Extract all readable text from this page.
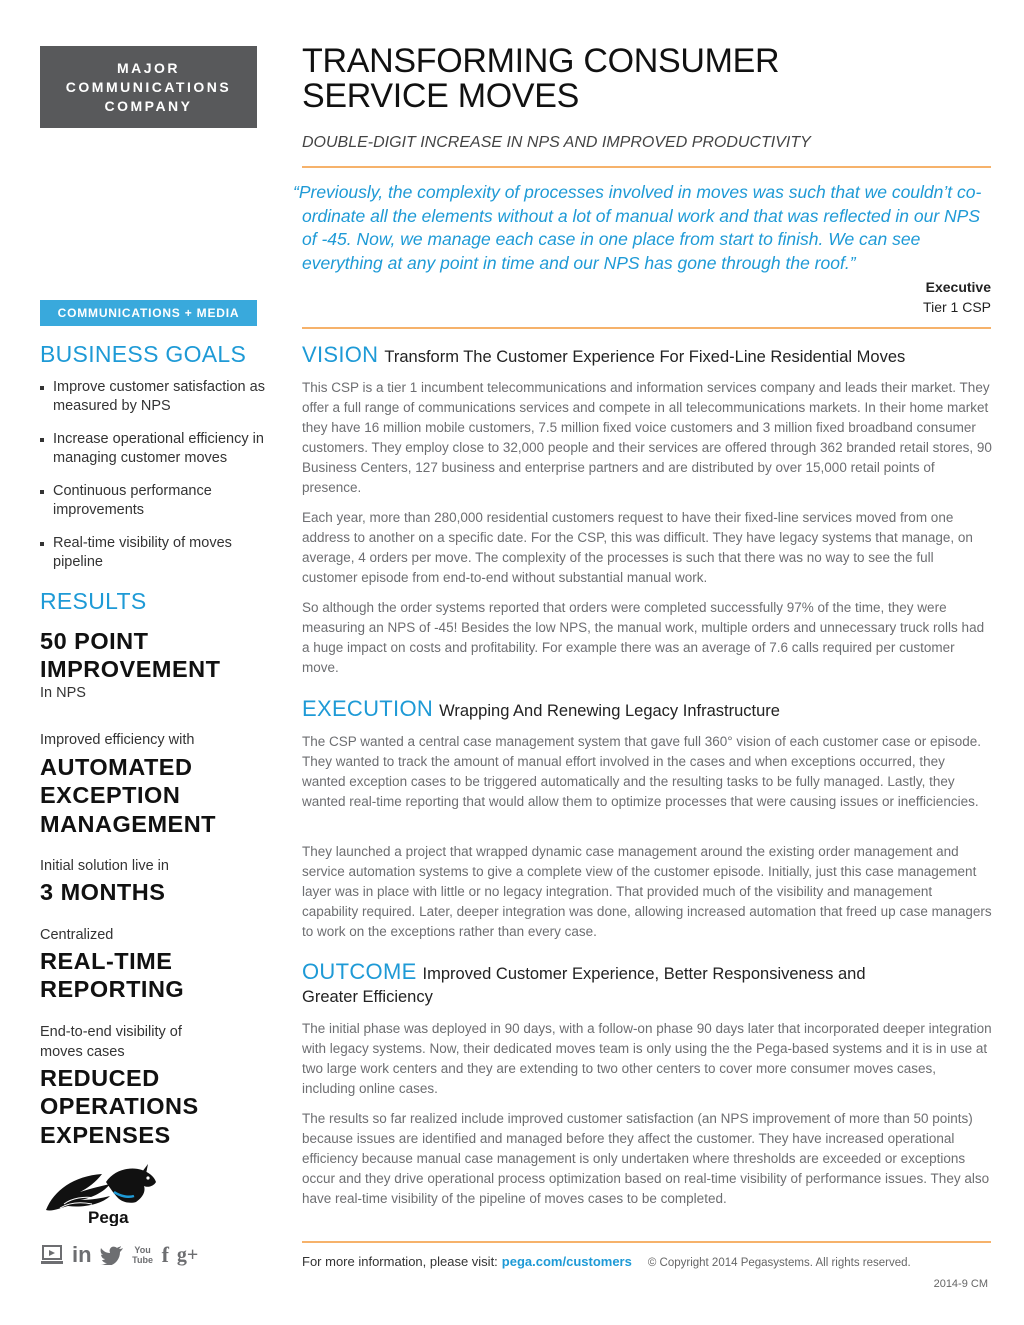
MAJOR
COMMUNICATIONS
COMPANY
COMMUNICATIONS + MEDIA
BUSINESS GOALS
Improve customer satisfaction as measured by NPS
Increase operational efficiency in managing customer moves
Continuous performance improvements
Real-time visibility of moves pipeline
RESULTS
50 POINT
IMPROVEMENT
In NPS
Improved efficiency with
AUTOMATED
EXCEPTION
MANAGEMENT
Initial solution live in
3 MONTHS
Centralized
REAL-TIME
REPORTING
End-to-end visibility of
moves cases
REDUCED
OPERATIONS
EXPENSES
Pega
in	You Tube f g+
TRANSFORMING CONSUMER
SERVICE MOVES
DOUBLE-DIGIT INCREASE IN NPS AND IMPROVED PRODUCTIVITY
“Previously, the complexity of processes involved in moves was such that we couldn’t co-ordinate all the elements without a lot of manual work and that was reflected in our NPS of -45. Now, we manage each case in one place from start to finish. We can see everything at any point in time and our NPS has gone through the roof.”
Executive
Tier 1 CSP
VISION Transform The Customer Experience For Fixed-Line Residential Moves
This CSP is a tier 1 incumbent telecommunications and information services company and leads their market. They offer a full range of communications services and compete in all telecommunications markets. In their home market they have 16 million mobile customers, 7.5 million fixed voice customers and 3 million fixed broadband consumer customers. They employ close to 32,000 people and their services are offered through 362 branded retail stores, 90 Business Centers, 127 business and enterprise partners and are distributed by over 15,000 retail points of presence.
Each year, more than 280,000 residential customers request to have their fixed-line services moved from one address to another on a specific date. For the CSP, this was difficult. They have legacy systems that manage, on average, 4 orders per move. The complexity of the processes is such that there was no way to see the full customer episode from end-to-end without substantial manual work.
So although the order systems reported that orders were completed successfully 97% of the time, they were measuring an NPS of -45! Besides the low NPS, the manual work, multiple orders and unnecessary truck rolls had a huge impact on costs and profitability. For example there was an average of 7.6 calls required per customer move.
EXECUTION Wrapping And Renewing Legacy Infrastructure
The CSP wanted a central case management system that gave full 360° vision of each customer case or episode. They wanted to track the amount of manual effort involved in the cases and when exceptions occurred, they wanted exception cases to be triggered automatically and the resulting tasks to be fully managed. Lastly, they wanted real-time reporting that would allow them to optimize processes that were causing issues or inefficiencies.
They launched a project that wrapped dynamic case management around the existing order management and service automation systems to give a complete view of the customer episode. Initially, just this case management layer was in place with little or no legacy integration. That provided much of the visibility and management capability required. Later, deeper integration was done, allowing increased automation that freed up case managers to work on the exceptions rather than every case.
OUTCOME Improved Customer Experience, Better Responsiveness and Greater Efficiency
The initial phase was deployed in 90 days, with a follow-on phase 90 days later that incorporated deeper integration with legacy systems. Now, their dedicated moves team is only using the the Pega-based systems and it is in use at two large work centers and they are extending to two other centers to cover more consumer moves cases, including online cases.
The results so far realized include improved customer satisfaction (an NPS improvement of more than 50 points) because issues are identified and managed before they affect the customer. They have increased operational efficiency because manual case management is only undertaken where thresholds are exceeded or exceptions occur and they drive operational process optimization based on real-time visibility of performance issues. They also have real-time visibility of the pipeline of moves cases to be completed.
For more information, please visit: pega.com/customers © Copyright 2014 Pegasystems. All rights reserved.
2014-9 CM
